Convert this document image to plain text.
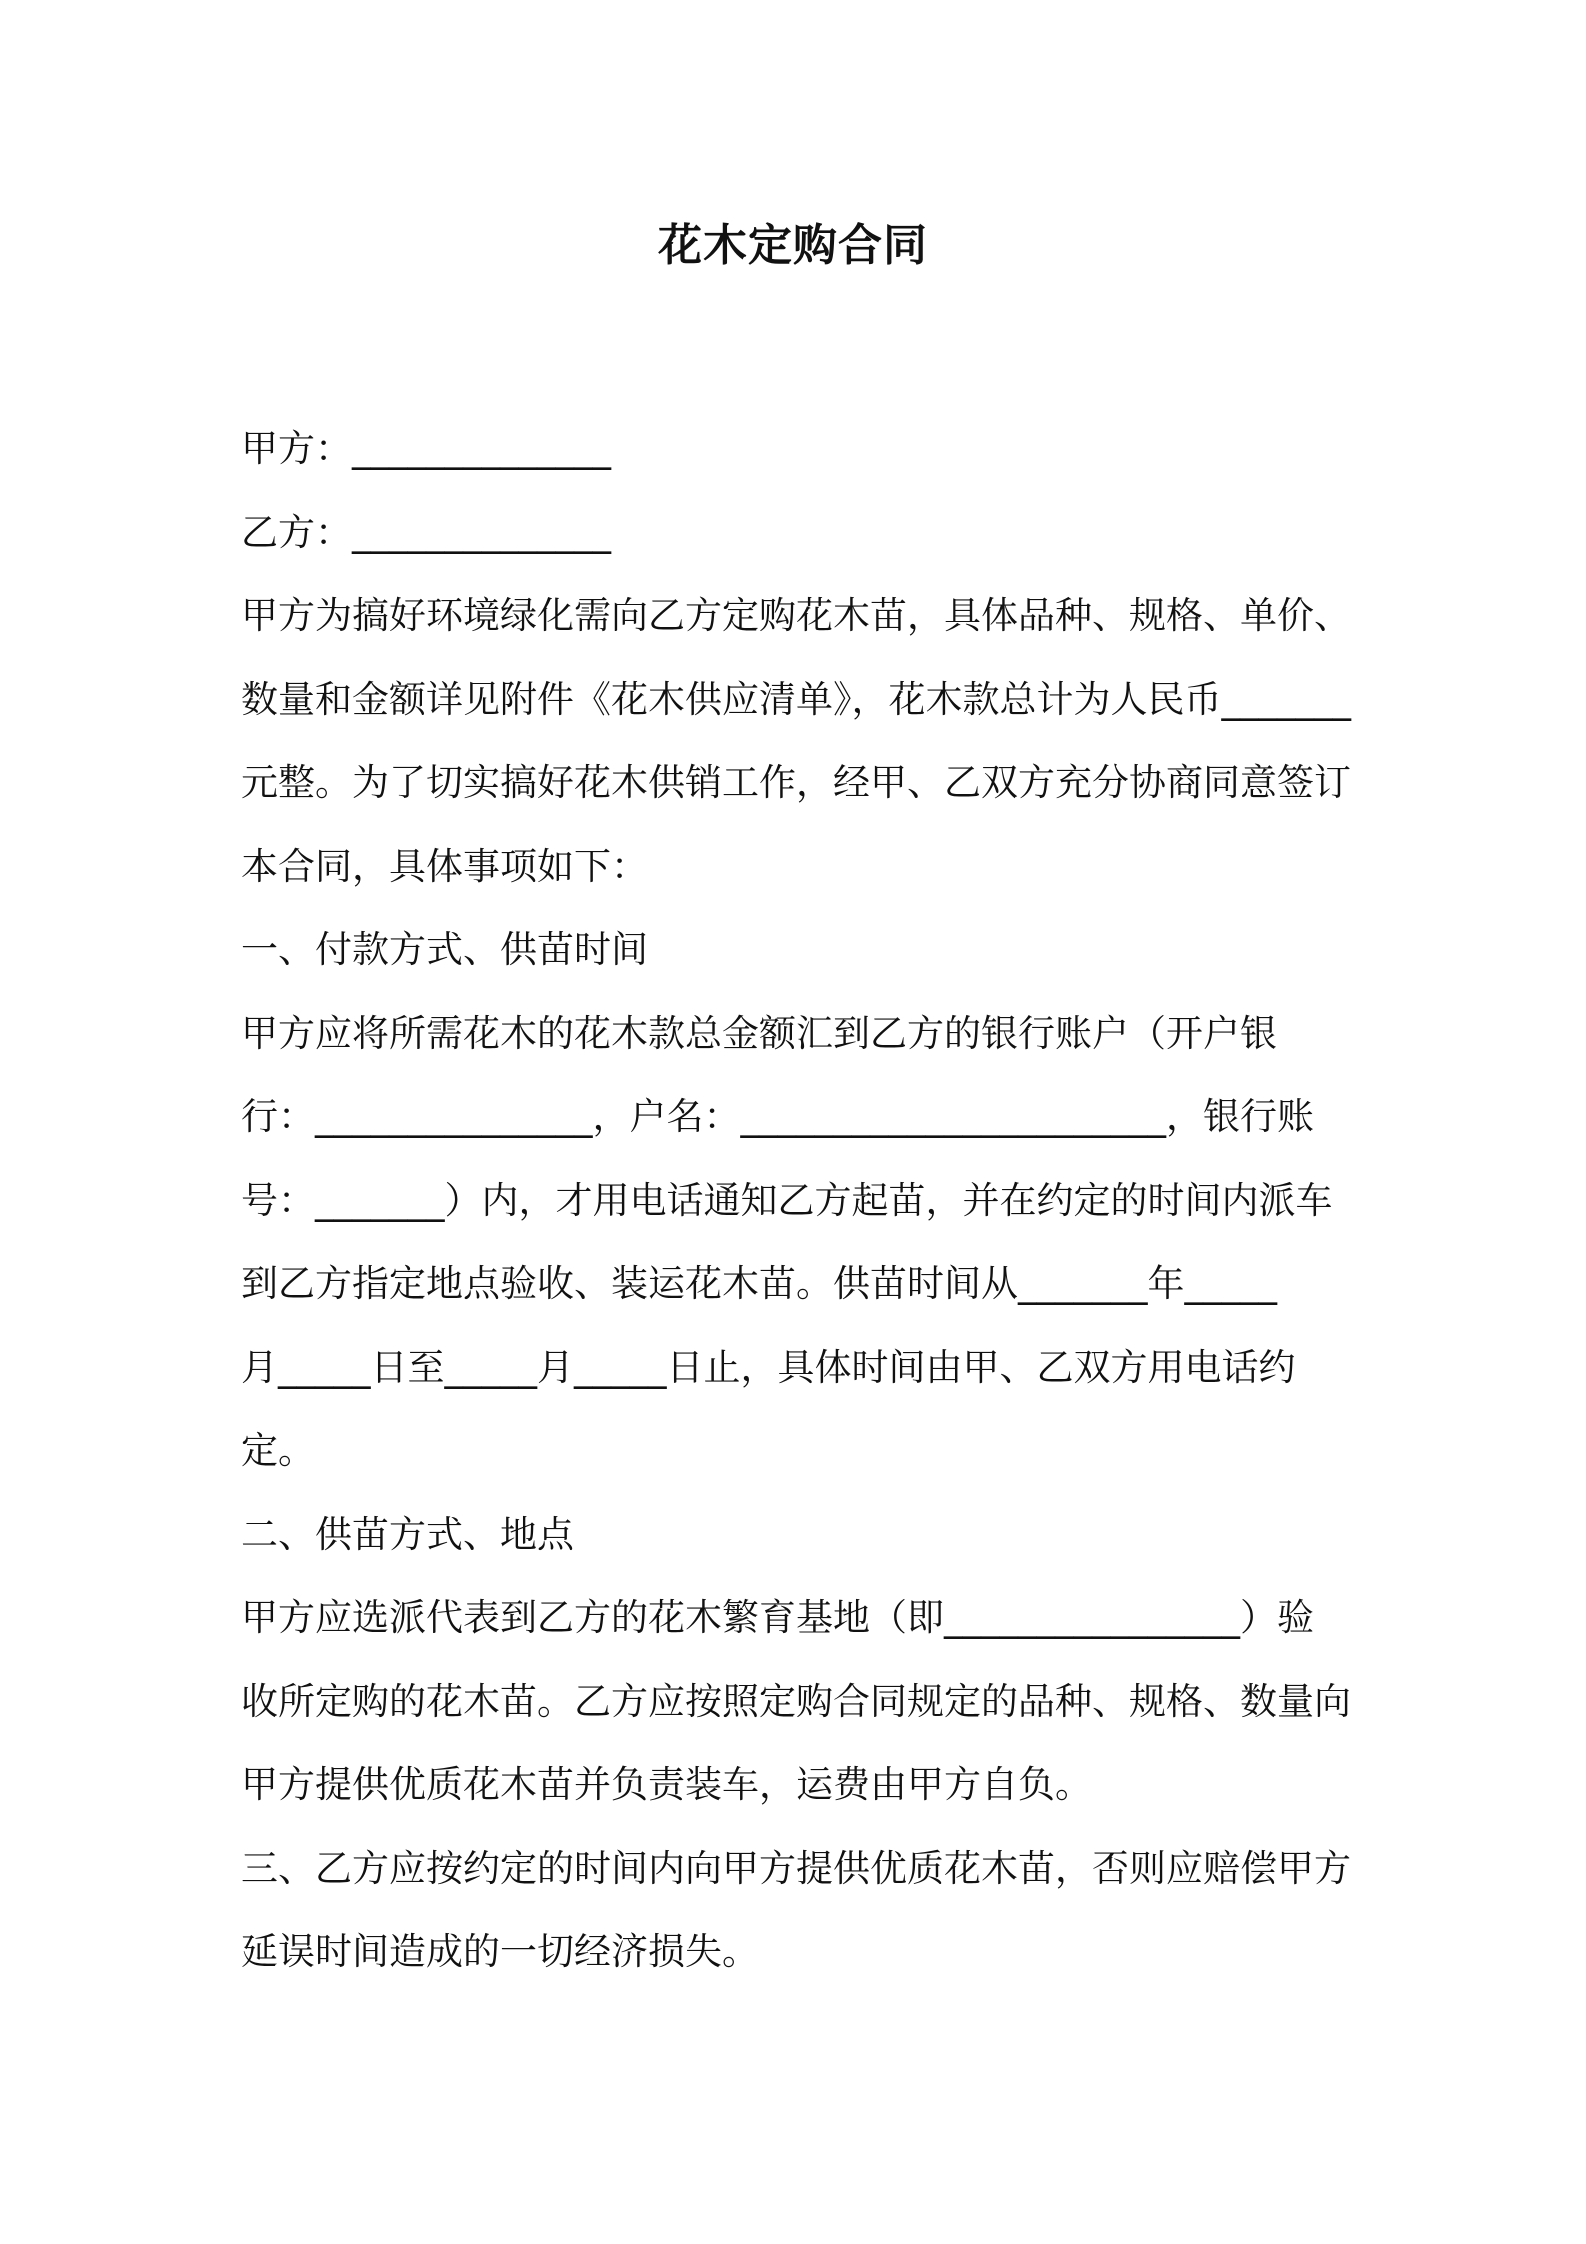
花木定购合同
甲方：______________
乙方：______________
甲方为搞好环境绿化需向乙方定购花木苗，具体品种、规格、单价、
数量和金额详见附件《花木供应清单》，花木款总计为人民币_______
元整。为了切实搞好花木供销工作，经甲、乙双方充分协商同意签订
本合同，具体事项如下：
一、付款方式、供苗时间
甲方应将所需花木的花木款总金额汇到乙方的银行账户（开户银
行：_______________，户名：_______________________，银行账
号：_______）内，才用电话通知乙方起苗，并在约定的时间内派车
到乙方指定地点验收、装运花木苗。供苗时间从_______年_____
月_____日至_____月_____日止，具体时间由甲、乙双方用电话约
定。
二、供苗方式、地点
甲方应选派代表到乙方的花木繁育基地（即________________）验
收所定购的花木苗。乙方应按照定购合同规定的品种、规格、数量向
甲方提供优质花木苗并负责装车，运费由甲方自负。
三、乙方应按约定的时间内向甲方提供优质花木苗，否则应赔偿甲方
延误时间造成的一切经济损失。
